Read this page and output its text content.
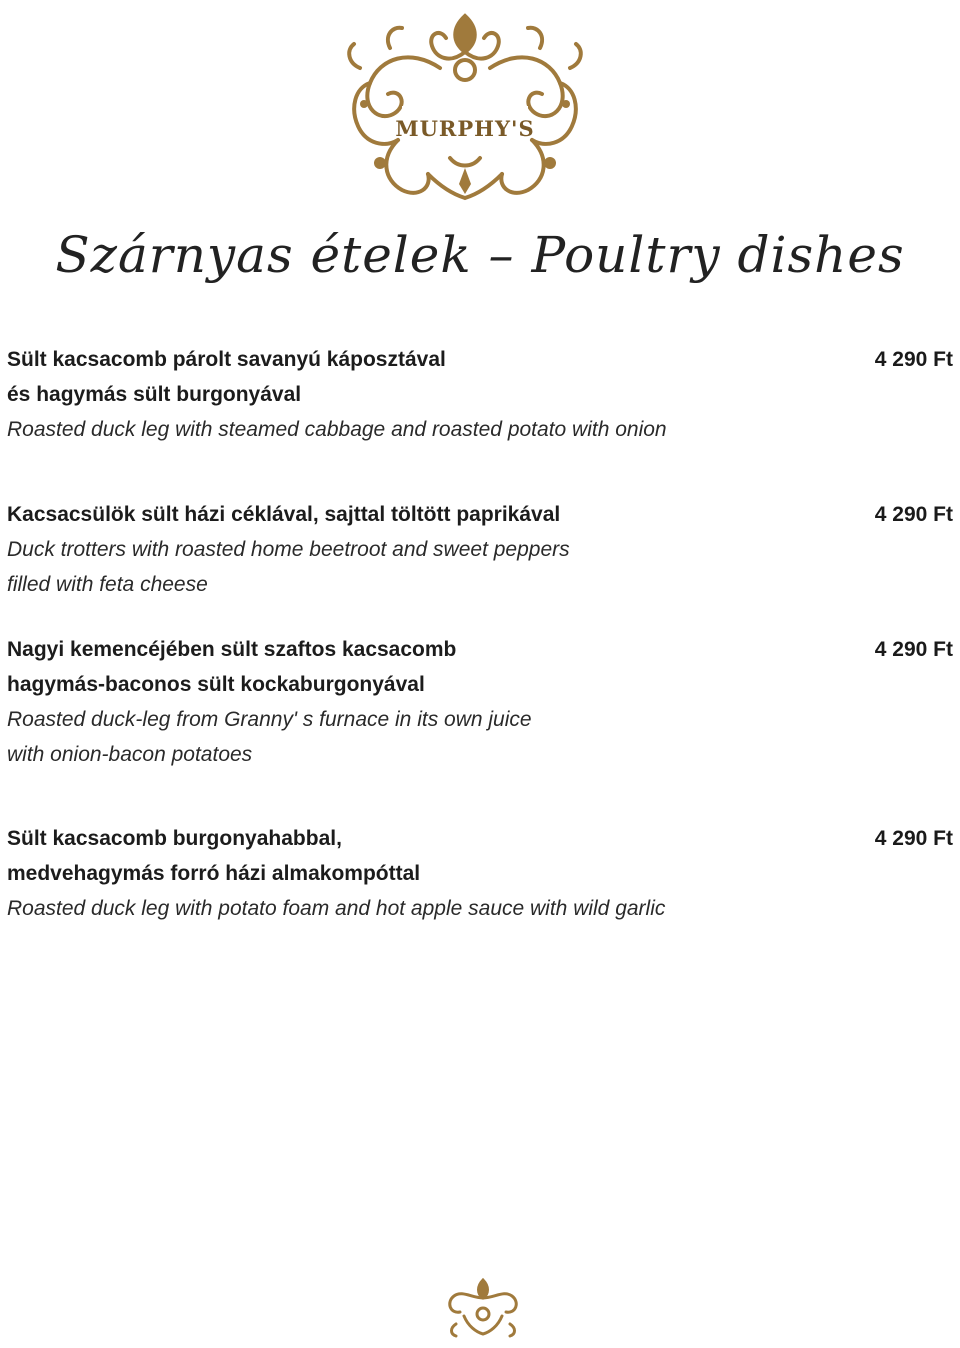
MURPHY'S
Szárnyas ételek – Poultry dishes
Sült kacsacomb párolt savanyú káposztával
és hagymás sült burgonyával
Roasted duck leg with steamed cabbage and roasted potato with onion
4 290 Ft
Kacsacsülök sült házi céklával, sajttal töltött paprikával
Duck trotters with roasted home beetroot and sweet peppers
filled with feta cheese
4 290 Ft
Nagyi kemencéjében sült szaftos kacsacomb
hagymás-baconos sült kockaburgonyával
Roasted duck-leg from Granny' s furnace in its own juice
with onion-bacon potatoes
4 290 Ft
Sült kacsacomb burgonyahabbal,
medvehagymás forró házi almakompóttal
Roasted duck leg with potato foam and hot apple sauce with wild garlic
4 290 Ft
